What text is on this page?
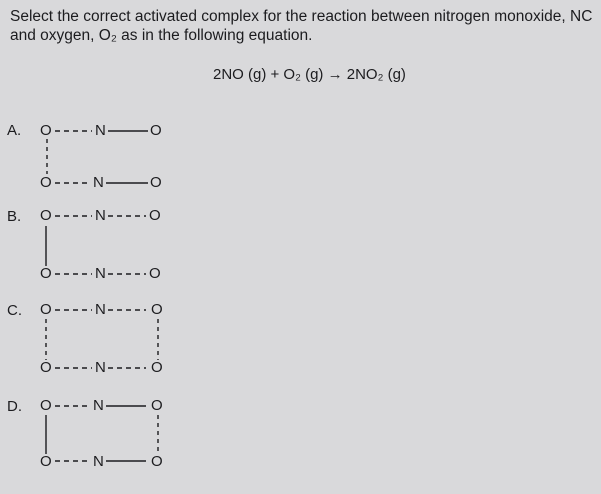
Select the correct activated complex for the reaction between nitrogen monoxide, NC
and oxygen, O₂ as in the following equation.
2NO (g) + O₂ (g) → 2NO₂ (g)
A. O	N	O
O	N	O
B. O	N	O
O	N	O
C. O	N	O
O	N	O
D. O	N	O
O	N	O
